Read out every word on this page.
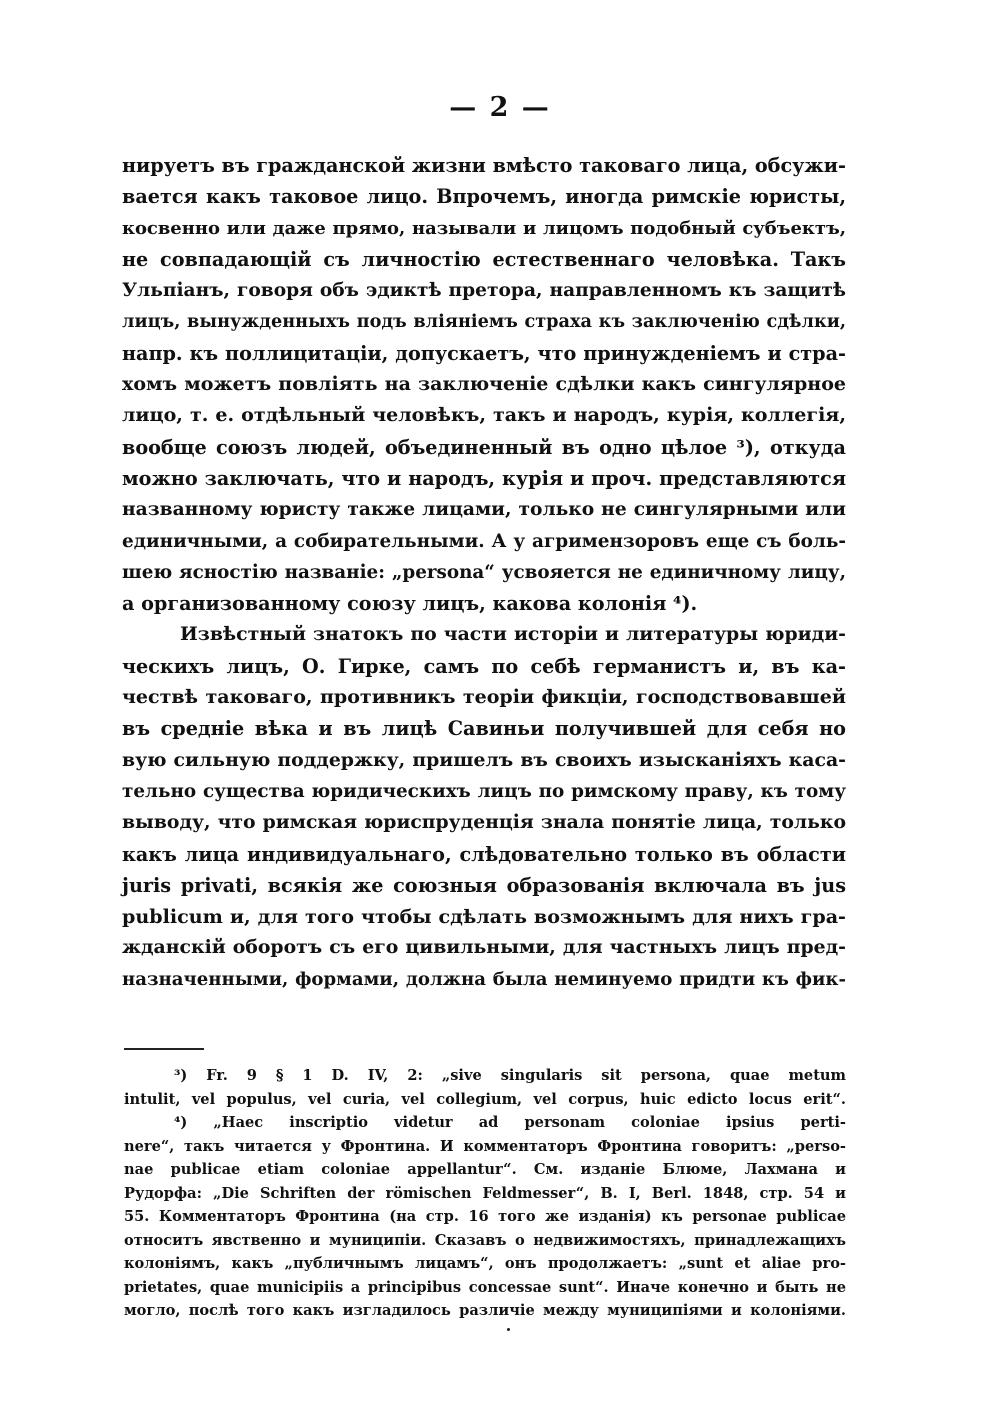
— 2 —
нируетъ въ гражданской жизни вмѣсто таковаго лица, обсужи-
вается какъ таковое лицо. Впрочемъ, иногда римскіе юристы,
косвенно или даже прямо, называли и лицомъ подобный субъектъ,
не совпадающій съ личностію естественнаго человѣка. Такъ
Ульпіанъ, говоря объ эдиктѣ претора, направленномъ къ защитѣ
лицъ, вынужденныхъ подъ вліяніемъ страха къ заключенію сдѣлки,
напр. къ поллицитаціи, допускаетъ, что принужденіемъ и стра-
хомъ можетъ повліять на заключеніе сдѣлки какъ сингулярное
лицо, т. е. отдѣльный человѣкъ, такъ и народъ, курія, коллегія,
вообще союзъ людей, объединенный въ одно цѣлое ³), откуда
можно заключать, что и народъ, курія и проч. представляются
названному юристу также лицами, только не сингулярными или
единичными, а собирательными. А у агримензоровъ еще съ боль-
шею ясностію названіе: „persona“ усвояется не единичному лицу,
а организованному союзу лицъ, какова колонія ⁴).
Извѣстный знатокъ по части исторіи и литературы юриди-
ческихъ лицъ, О. Гирке, самъ по себѣ германистъ и, въ ка-
чествѣ таковаго, противникъ теоріи фикціи, господствовавшей
въ средніе вѣка и въ лицѣ Савиньи получившей для себя но
вую сильную поддержку, пришелъ въ своихъ изысканіяхъ каса-
тельно существа юридическихъ лицъ по римскому праву, къ тому
выводу, что римская юриспруденція знала понятіе лица, только
какъ лица индивидуальнаго, слѣдовательно только въ области
juris privati, всякія же союзныя образованія включала въ jus
publicum и, для того чтобы сдѣлать возможнымъ для нихъ гра-
жданскій оборотъ съ его цивильными, для частныхъ лицъ пред-
назначенными, формами, должна была неминуемо придти къ фик-
³) Fr. 9 § 1 D. IV, 2: „sive singularis sit persona, quae metum
intulit, vel populus, vel curia, vel collegium, vel corpus, huic edicto locus erit“.
⁴) „Haec inscriptio videtur ad personam coloniae ipsius perti-
nere“, такъ читается у Фронтина. И комментаторъ Фронтина говоритъ: „perso-
nae publicae etiam coloniae appellantur“. См. изданіе Блюме, Лахмана и
Рудорфа: „Die Schriften der römischen Feldmesser“, B. I, Berl. 1848, стр. 54 и
55. Комментаторъ Фронтина (на стр. 16 того же изданія) къ personae publicae
относитъ явственно и муниципіи. Сказавъ о недвижимостяхъ, принадлежащихъ
колоніямъ, какъ „публичнымъ лицамъ“, онъ продолжаетъ: „sunt et aliae pro-
prietates, quae municipiis a principibus concessae sunt“. Иначе конечно и быть не
могло, послѣ того какъ изгладилось различіе между муниципіями и колоніями.
